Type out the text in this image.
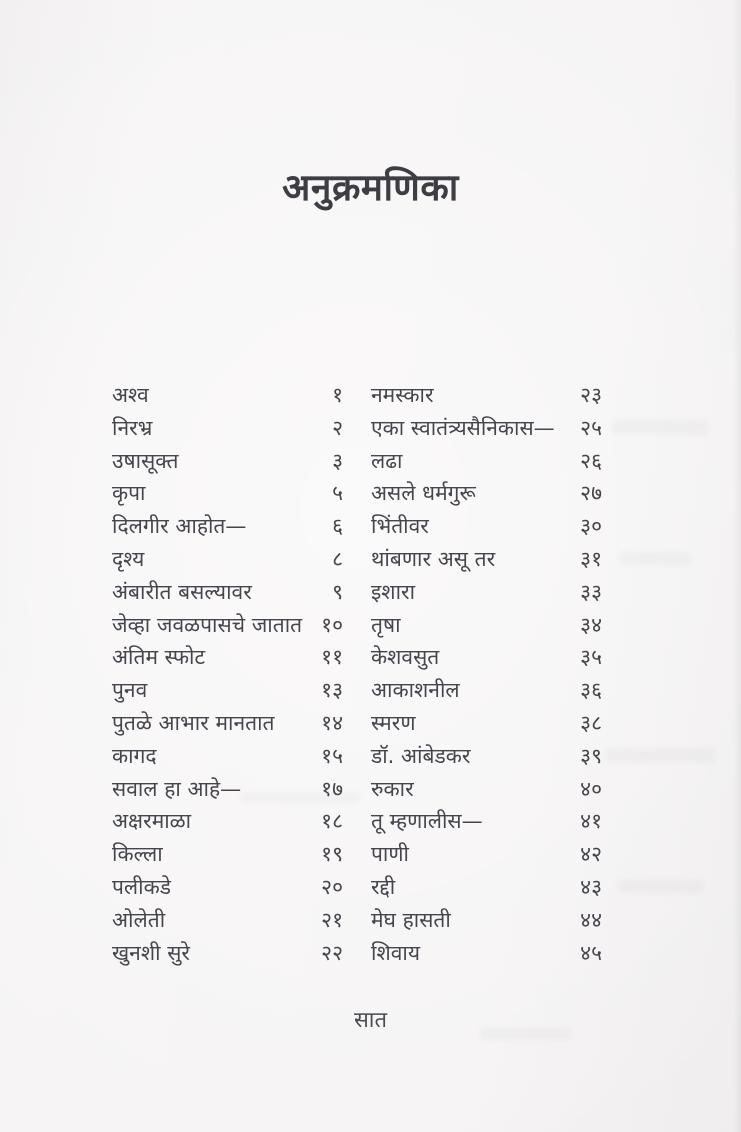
अनुक्रमणिका
अश्व	१
निरभ्र	२
उषासूक्त	३
कृपा	५
दिलगीर आहोत—	६
दृश्य	८
अंबारीत बसल्यावर	९
जेव्हा जवळपासचे जातात १०
अंतिम स्फोट	११
पुनव	१३
पुतळे आभार मानतात १४
कागद	१५
सवाल हा आहे—	१७
अक्षरमाळा	१८
किल्ला	१९
पलीकडे	२०
ओलेती	२१
खुनशी सुरे	२२
नमस्कार	२३
एका स्वातंत्र्यसैनिकास— २५
लढा	२६
असले धर्मगुरू	२७
भिंतीवर	३०
थांबणार असू तर	३१
इशारा	३३
तृषा	३४
केशवसुत	३५
आकाशनील	३६
स्मरण	३८
डॉ. आंबेडकर	३९
रुकार	४०
तू म्हणालीस—	४१
पाणी	४२
रद्दी	४३
मेघ हासती	४४
शिवाय	४५
सात
